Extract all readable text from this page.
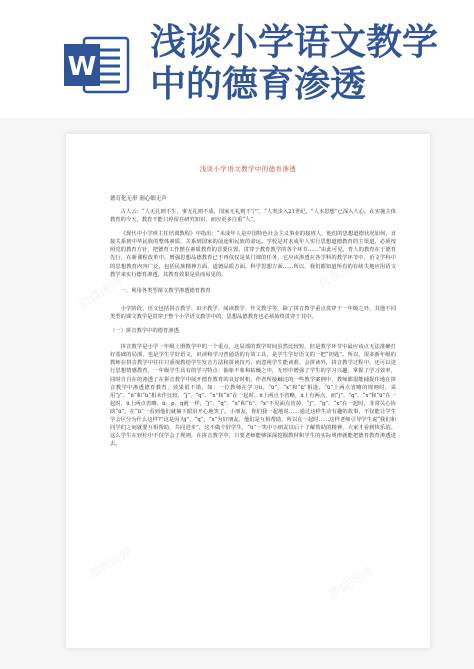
W
浅谈小学语文教学
中的德育渗透
浅谈小学语文教学中的德育渗透
德育化无形 润心细无声

古人云：“人无礼则不生，事无礼则不成，国家无礼则不宁”，“人类步入21世纪，“人本思想”已深入人心。在实施主体教育的今天，教育不能只停留在研究知识、而应更多注重“人”。

《现代中小学班主任培训教程》中指出：“未成年人是中国特色社会主义事业的接班人，他们的思想道德状况如何，直接关系到中华民族的整体素质，关系到国家的前途和民族的命运。学校是对未成年人实行思想道德教育的主渠道，必须按照党的教育方针，把德育工作摆在素质教育的首要位置，贯穿于教育教学的各个环节……”由此可见，育人的教育在于德育先行，在新课程改革中，增强思想品德教育已不再仅仅是某门课的任务，它应该渗透在各学科的教学环节中，语文学科中的思想教育内容广泛，包括民族精神方面，道德品质方面，科学思想方面……所以，我们都知道所有的在续失地应用语文教学来实行德育渗透，其教育效果是显而易见的。

一、利用各类型课文教学渗透德育教育

小学阶段，语文包括拼音教学、识字教学、阅读教学、作文教学等，除了拼音教学重点贯穿于一年级之外，其他不同类型的课文教学是贯穿于整个小学语文教学中的，思想品德教育也必须始终贯穿于其中。

（一）拼音教学中的德育渗透

拼音教学是小学一年级上册教学中的一个重点，这局部的教学时间虽然比较短，但是教学环节中最应该点无法准确打好基础的局部，也是学生学好语文，识读和学习普通话的有效工具，是学生学好语文的一把“钥匙”。所以，很多新年级的教师在拼音教学中往往只重视教给学生发音方法和拼读技巧，而忽视学生能读准、会拼读外，拼音教学过程中，还可以进行思想情感教育，一年级学生具有的学习特点：抽象不象和枯燥之中，无形中增强了学生的学习兴趣，掌握了学习效率，同时自自在的渗透了在拼音教学中展开德育教育的良好时机，作者所接触过的一些教学案例中，教师都很能捕捉住地在拼音教学中渗透德育教育，效果很不错，如：一位教师在学习ü，“ü”、“x”和“ü”相逢，“ü”上两点省略的规则时，采用“j”、“ü”和“ü”相未作比较，“j”、“q”、“x”和“ü”在一起时，ü上两点不省略，ü上有两点，而“j”、“q”、“x”和“ü”在一起时，ü上两点省略，ü、p、q就一样，“j”、“q”、“x”和“ü”、“x”不见面点省掉，“j”、“q”、“x”在一起时，非常关心协助“ü”，在“ü”一看到他们就摘下眼泪开心地笑了。小朋友，你们我一起地说……通过这样生动有趣的故事，不仅能让学生学会区分为什么这样?”这是因为j”，“q”，“x”为好朋友，他们是互相帮助，所以在一起时……这样老师引导学生说“我们和同学们之间就要互相帮助，共同进步”，这不做个好学生，“ü”一笑中小朋友以后十了解帮助的精神，大家才看到快乐的。这么学生在轻松中不仅学会了规则，在拼音教学中，只要老师能够深深挖掘教材和学生的实际规律就能把德育教育渗透进去。

微微图网
微微图网
微微图网
微微图网
微微图网
